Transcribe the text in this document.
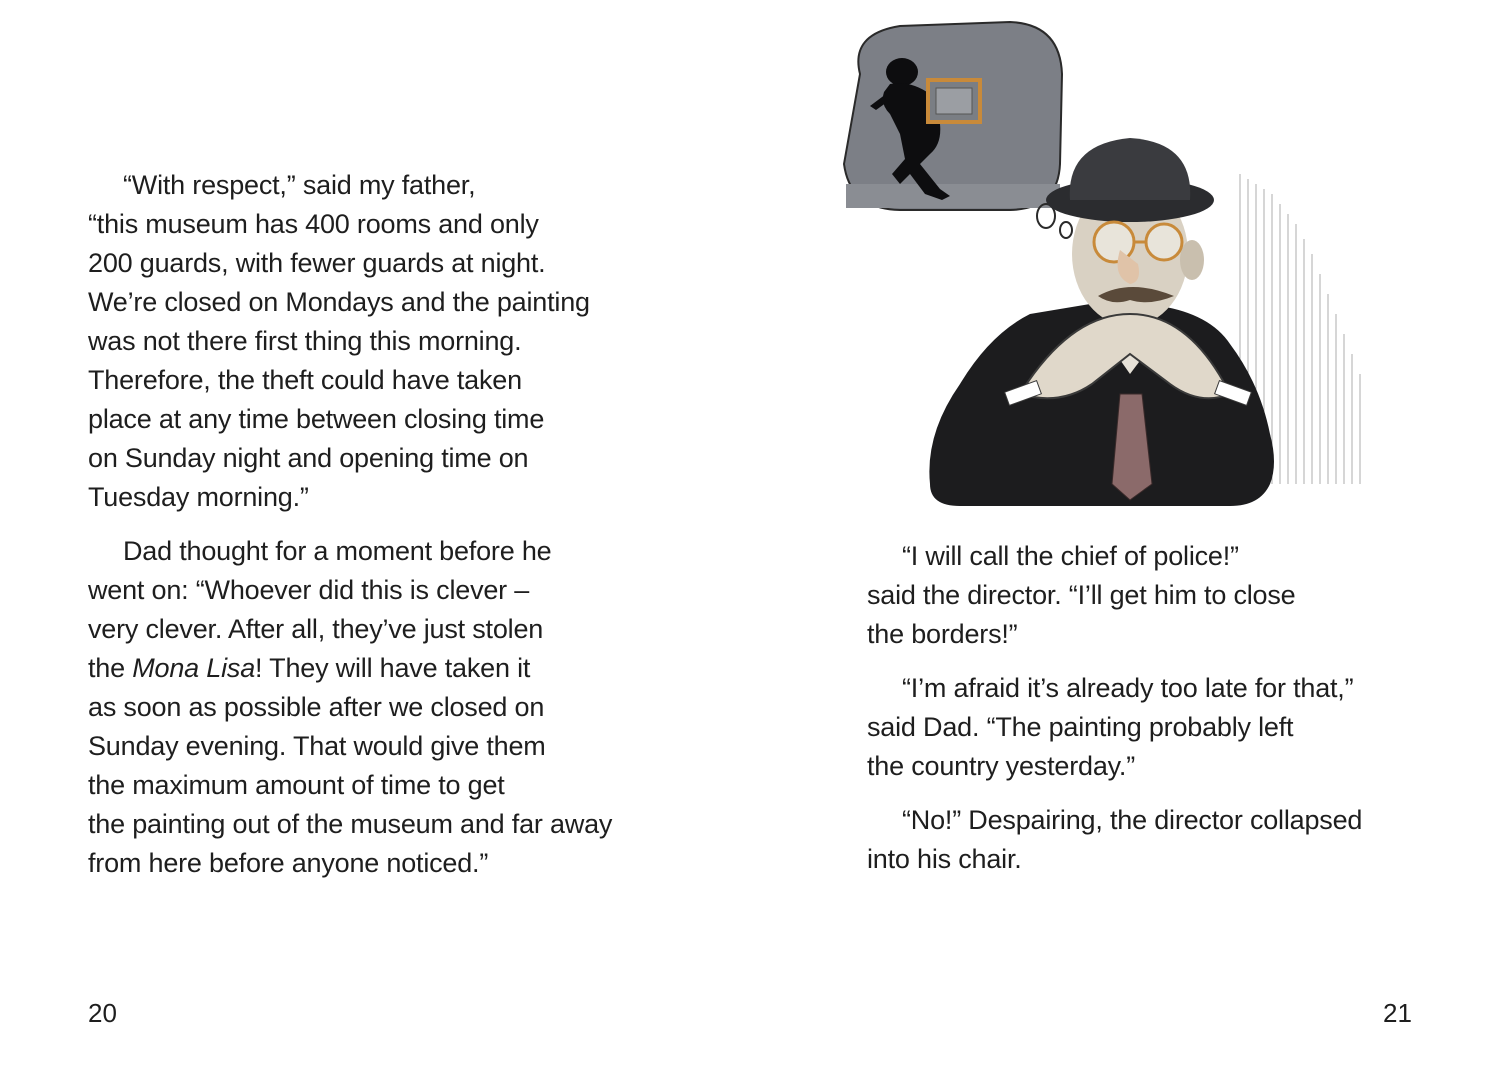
“With respect,” said my father,

“this museum has 400 rooms and only

200 guards, with fewer guards at night.

We’re closed on Mondays and the painting

was not there first thing this morning.

Therefore, the theft could have taken

place at any time between closing time

on Sunday night and opening time on

Tuesday morning.”

Dad thought for a moment before he

went on: “Whoever did this is clever –

very clever. After all, they’ve just stolen

the Mona Lisa! They will have taken it

as soon as possible after we closed on

Sunday evening. That would give them

the maximum amount of time to get

the painting out of the museum and far away

from here before anyone noticed.”

20

“I will call the chief of police!”

said the director. “I’ll get him to close

the borders!”

“I’m afraid it’s already too late for that,”

said Dad. “The painting probably left

the country yesterday.”

“No!” Despairing, the director collapsed

into his chair.

21
